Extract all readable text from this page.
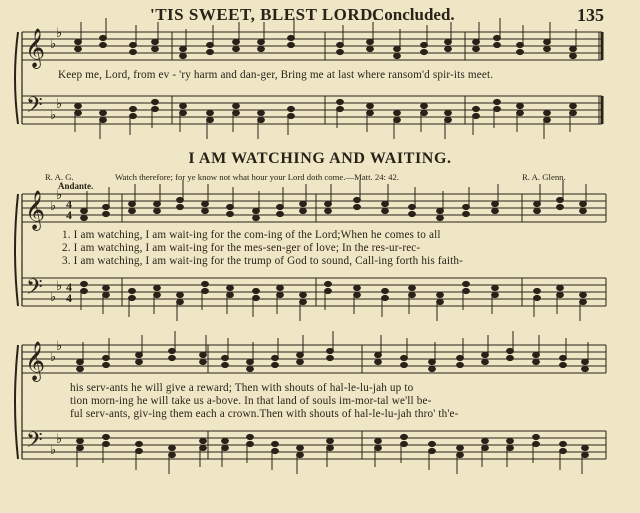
'TIS SWEET, BLEST LORD.
Concluded.	135
𝄞
𝄢
♭
♭
♭
♭
𝄞
𝄢
♭
♭
♭
♭
4
4
4
4
𝄞
𝄢
♭
♭
♭
♭
Keep me, Lord, from ev - 'ry harm and dan-ger, Bring me at last where ransom'd spir-its meet.
I AM WATCHING AND WAITING.
R. A. G.	Watch therefore; for ye know not what hour your Lord doth come.—Matt. 24: 42.	R. A. Glenn.
Andante.
1. I am watching, I am wait-ing for the com-ing of the Lord;When he comes to all
2. I am watching, I am wait-ing for the mes-sen-ger of love; In the res-ur-rec-
3. I am watching, I am wait-ing for the trump of God to sound, Call-ing forth his faith-
his serv-ants he will give a reward; Then with shouts of hal-le-lu-jah up to
tion morn-ing he will take us a-bove. In that land of souls im-mor-tal we'll be-
ful serv-ants, giv-ing them each a crown.Then with shouts of hal-le-lu-jah thro' th'e-
